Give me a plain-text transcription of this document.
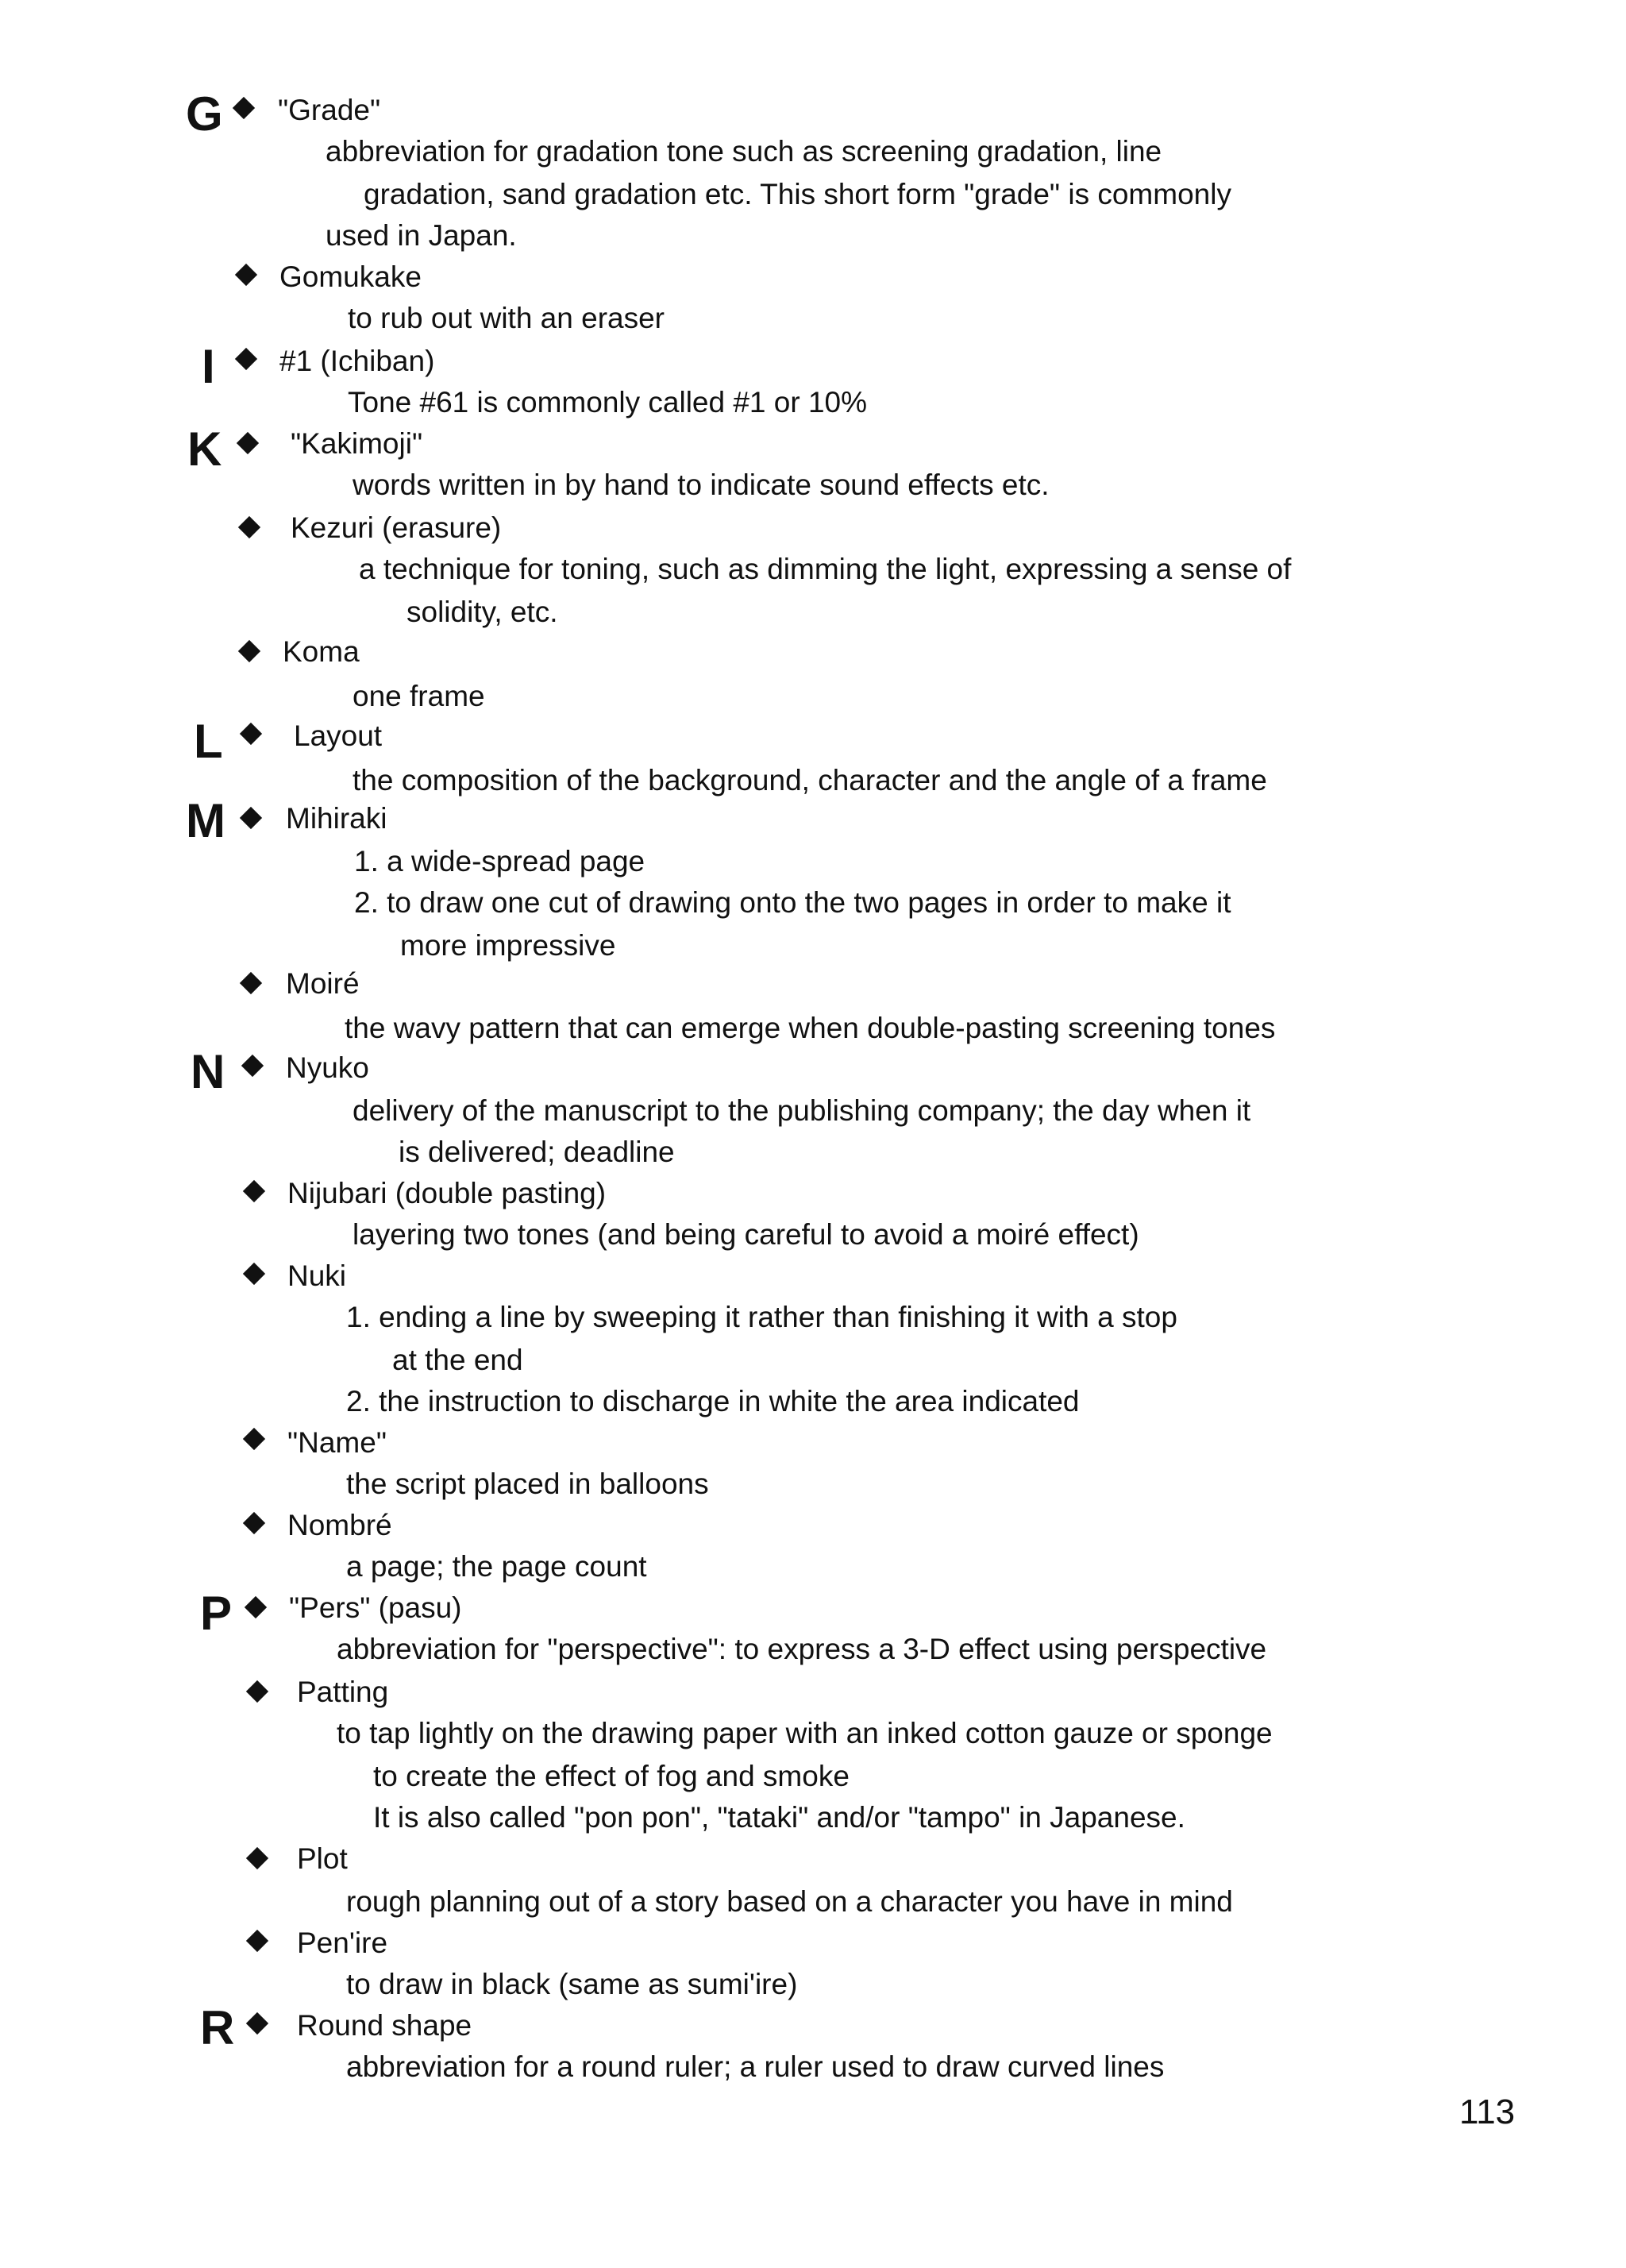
G
I
K
L
M
N
P
R
"Grade"
abbreviation for gradation tone such as screening gradation, line
gradation, sand gradation etc. This short form "grade" is commonly
used in Japan.
Gomukake
to rub out with an eraser
#1 (Ichiban)
Tone #61 is commonly called #1 or 10%
"Kakimoji"
words written in by hand to indicate sound effects etc.
Kezuri (erasure)
a technique for toning, such as dimming the light, expressing a sense of
solidity, etc.
Koma
one frame
Layout
the composition of the background, character and the angle of a frame
Mihiraki
1. a wide-spread page
2. to draw one cut of drawing onto the two pages in order to make it
more impressive
Moiré
the wavy pattern that can emerge when double-pasting screening tones
Nyuko
delivery of the manuscript to the publishing company; the day when it
is delivered; deadline
Nijubari (double pasting)
layering two tones (and being careful to avoid a moiré effect)
Nuki
1. ending a line by sweeping it rather than finishing it with a stop
at the end
2. the instruction to discharge in white the area indicated
"Name"
the script placed in balloons
Nombré
a page; the page count
"Pers" (pasu)
abbreviation for "perspective": to express a 3-D effect using perspective
Patting
to tap lightly on the drawing paper with an inked cotton gauze or sponge
to create the effect of fog and smoke
It is also called "pon pon", "tataki" and/or "tampo" in Japanese.
Plot
rough planning out of a story based on a character you have in mind
Pen'ire
to draw in black (same as sumi'ire)
Round shape
abbreviation for a round ruler; a ruler used to draw curved lines
113
